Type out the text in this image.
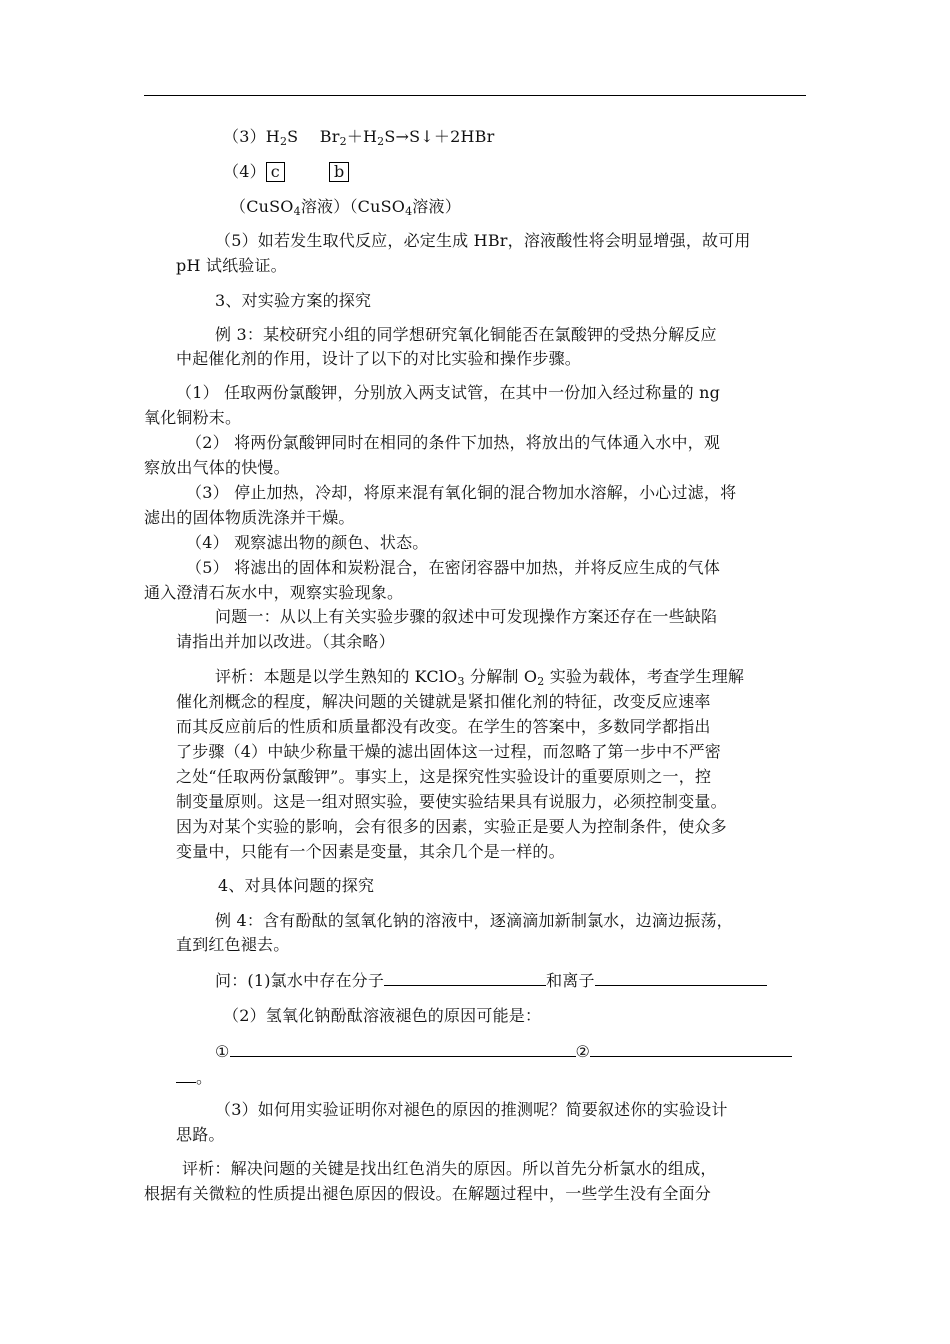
$(3)H_2S$　 $Br_2+H_2S\to S↓+2HBr$
（4） c	b
（CuSO$_4$溶液）（CuSO$_4$溶液）
（5）如若发生取代反应，必定生成 HBr，溶液酸性将会明显增强，故可用
pH 试纸验证。
3、对实验方案的探究
例 3：某校研究小组的同学想研究氧化铜能否在氯酸钾的受热分解反应
中起催化剂的作用，设计了以下的对比实验和操作步骤。
（1） 任取两份氯酸钾，分别放入两支试管，在其中一份加入经过称量的 ng
氧化铜粉末。
（2） 将两份氯酸钾同时在相同的条件下加热，将放出的气体通入水中，观
察放出气体的快慢。
（3） 停止加热，冷却，将原来混有氧化铜的混合物加水溶解，小心过滤，将
滤出的固体物质洗涤并干燥。
（4） 观察滤出物的颜色、状态。
（5） 将滤出的固体和炭粉混合，在密闭容器中加热，并将反应生成的气体
通入澄清石灰水中，观察实验现象。
问题一：从以上有关实验步骤的叙述中可发现操作方案还存在一些缺陷
请指出并加以改进。（其余略）
评析：本题是以学生熟知的 KClO$_3$ 分解制 $O_2$ 实验为载体，考查学生理解
催化剂概念的程度，解决问题的关键就是紧扣催化剂的特征，改变反应速率
而其反应前后的性质和质量都没有改变。在学生的答案中，多数同学都指出
了步骤（4）中缺少称量干燥的滤出固体这一过程，而忽略了第一步中不严密
之处“任取两份氯酸钾”。事实上，这是探究性实验设计的重要原则之一，控
制变量原则。这是一组对照实验，要使实验结果具有说服力，必须控制变量。
因为对某个实验的影响，会有很多的因素，实验正是要人为控制条件，使众多
变量中，只能有一个因素是变量，其余几个是一样的。
4、对具体问题的探究
例 4：含有酚酞的氢氧化钠的溶液中，逐滴滴加新制氯水，边滴边振荡，
直到红色褪去。
问：(1)氯水中存在分子	和离子
（2）氢氧化钠酚酞溶液褪色的原因可能是：
①	②
。
（3）如何用实验证明你对褪色的原因的推测呢？简要叙述你的实验设计
思路。
评析：解决问题的关键是找出红色消失的原因。所以首先分析氯水的组成，
根据有关微粒的性质提出褪色原因的假设。在解题过程中，一些学生没有全面分
